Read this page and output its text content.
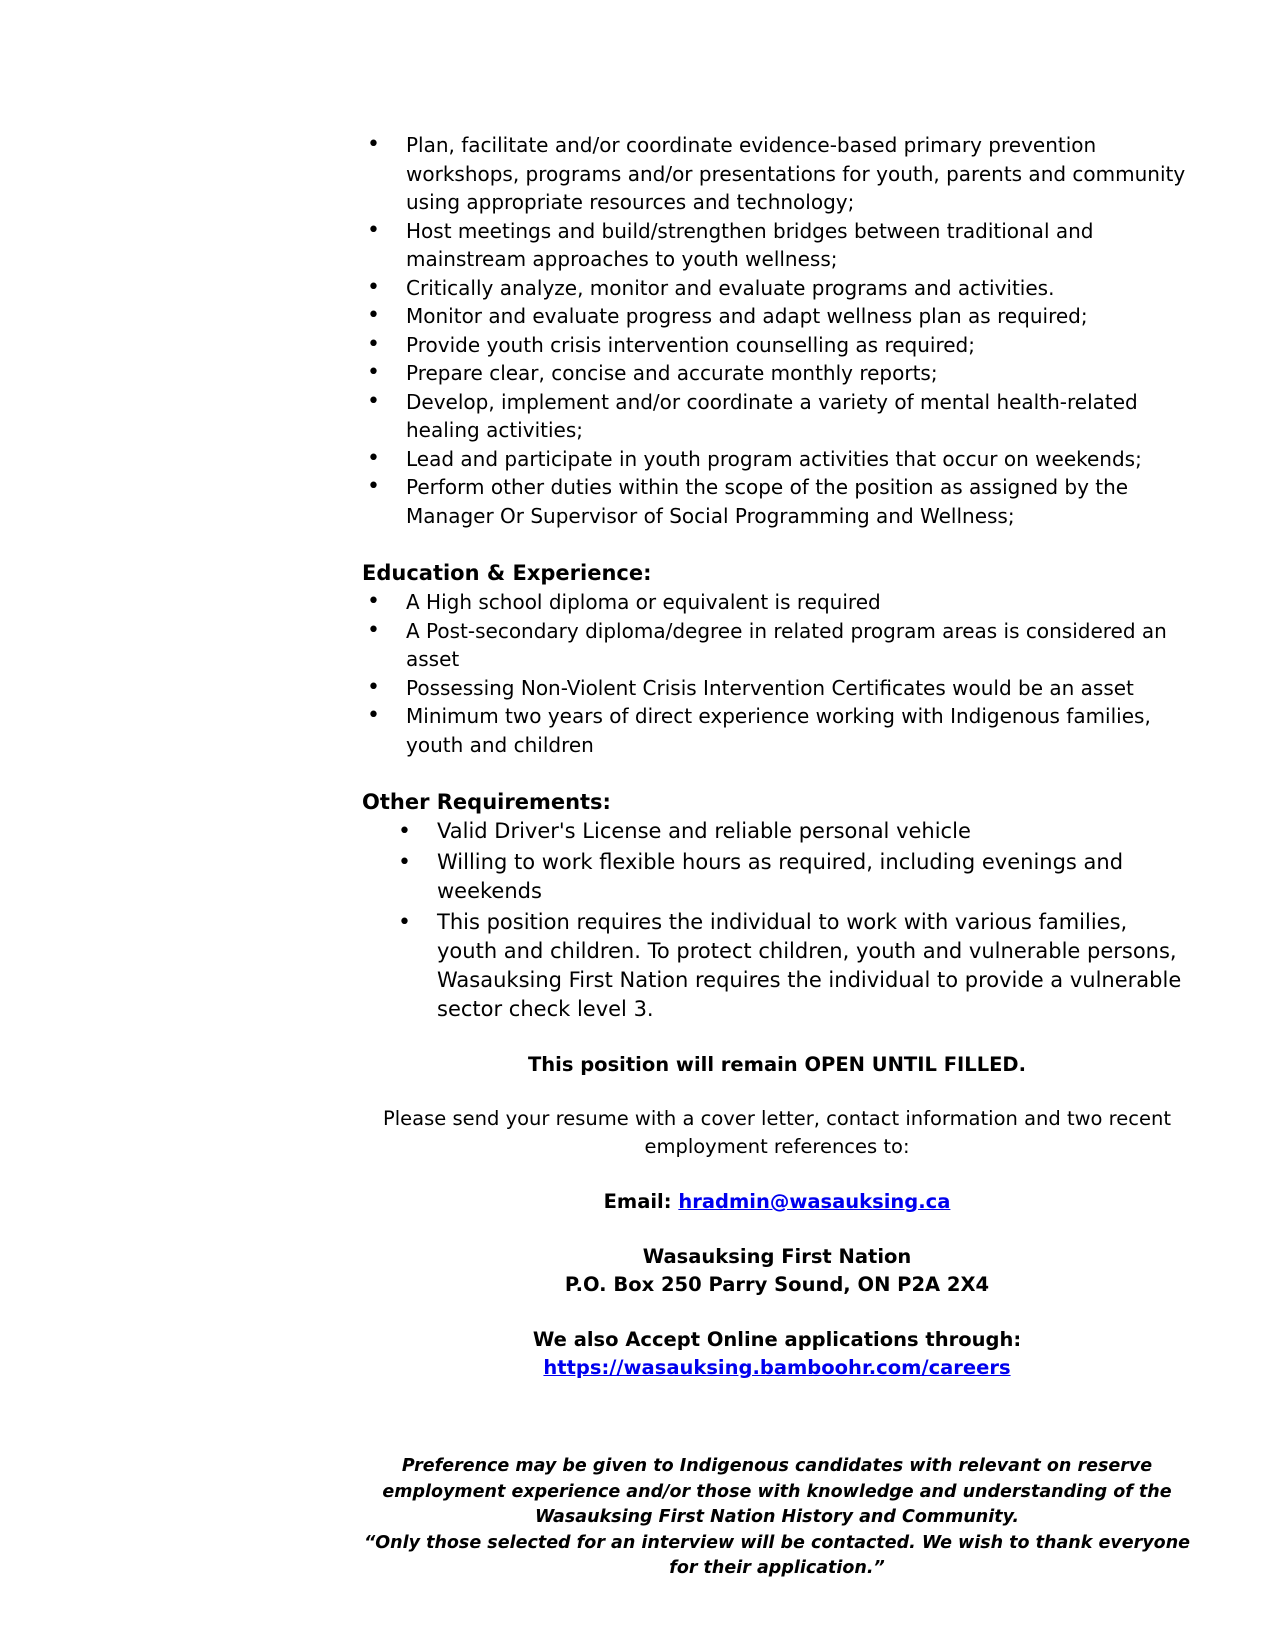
• Plan, facilitate and/or coordinate evidence-based primary prevention workshops, programs and/or presentations for youth, parents and community using appropriate resources and technology;
• Host meetings and build/strengthen bridges between traditional and mainstream approaches to youth wellness;
• Critically analyze, monitor and evaluate programs and activities.
• Monitor and evaluate progress and adapt wellness plan as required;
• Provide youth crisis intervention counselling as required;
• Prepare clear, concise and accurate monthly reports;
• Develop, implement and/or coordinate a variety of mental health-related healing activities;
• Lead and participate in youth program activities that occur on weekends;
• Perform other duties within the scope of the position as assigned by the Manager Or Supervisor of Social Programming and Wellness;
Education & Experience:
• A High school diploma or equivalent is required
• A Post-secondary diploma/degree in related program areas is considered an asset
• Possessing Non-Violent Crisis Intervention Certificates would be an asset
• Minimum two years of direct experience working with Indigenous families, youth and children
Other Requirements:
• Valid Driver's License and reliable personal vehicle
• Willing to work flexible hours as required, including evenings and weekends
• This position requires the individual to work with various families, youth and children. To protect children, youth and vulnerable persons, Wasauksing First Nation requires the individual to provide a vulnerable sector check level 3.
This position will remain OPEN UNTIL FILLED.
Please send your resume with a cover letter, contact information and two recent employment references to:
Email: hradmin@wasauksing.ca
Wasauksing First Nation
P.O. Box 250 Parry Sound, ON P2A 2X4
We also Accept Online applications through:
https://wasauksing.bamboohr.com/careers
Preference may be given to Indigenous candidates with relevant on reserve employment experience and/or those with knowledge and understanding of the Wasauksing First Nation History and Community.
“Only those selected for an interview will be contacted. We wish to thank everyone for their application.”
